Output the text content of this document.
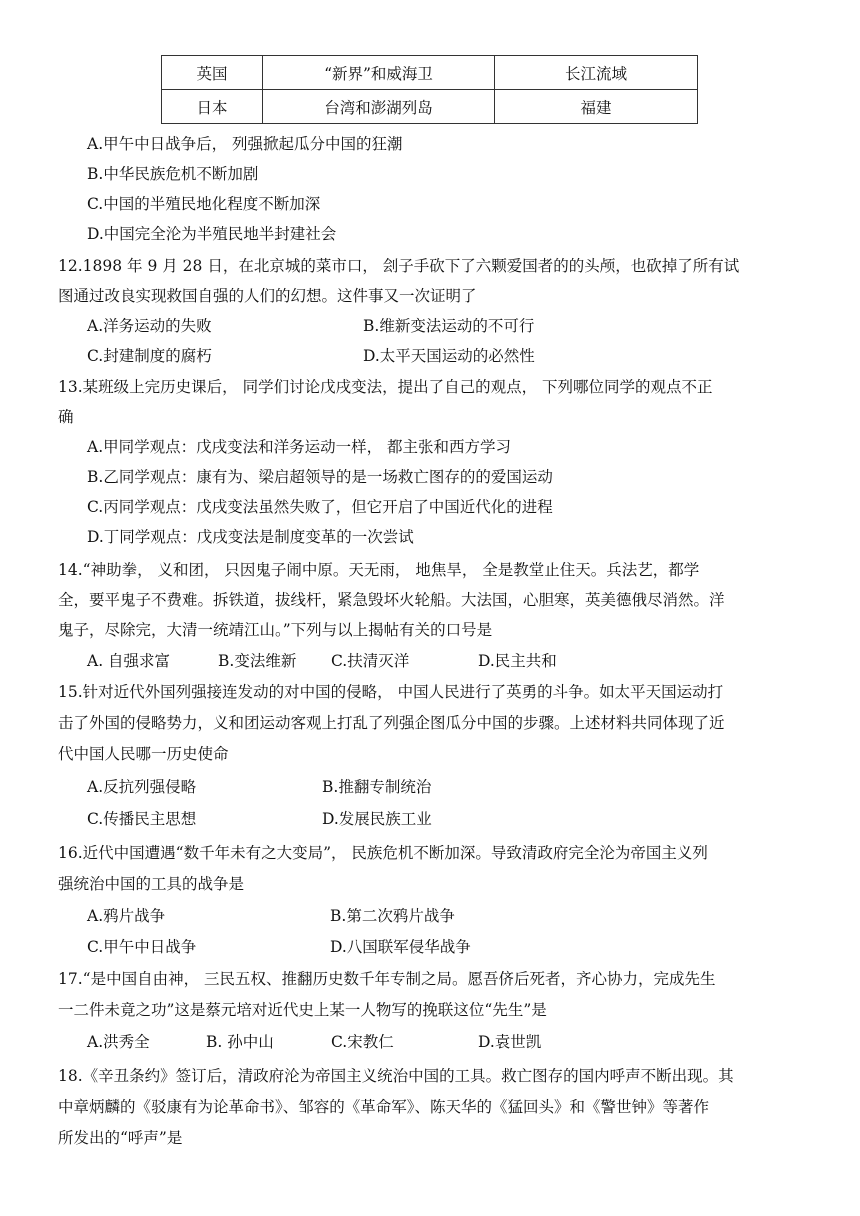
英国	“新界”和威海卫	长江流域
日本	台湾和澎湖列岛	福建
A.甲午中日战争后， 列强掀起瓜分中国的狂潮
B.中华民族危机不断加剧
C.中国的半殖民地化程度不断加深
D.中国完全沦为半殖民地半封建社会
12.1898 年 9 月 28 日，在北京城的菜市口， 刽子手砍下了六颗爱国者的的头颅，也砍掉了所有试
图通过改良实现救国自强的人们的幻想。这件事又一次证明了
A.洋务运动的失败	B.维新变法运动的不可行
C.封建制度的腐朽	D.太平天国运动的必然性
13.某班级上完历史课后， 同学们讨论戊戌变法，提出了自己的观点， 下列哪位同学的观点不正
确
A.甲同学观点：戊戌变法和洋务运动一样， 都主张和西方学习
B.乙同学观点：康有为、梁启超领导的是一场救亡图存的的爱国运动
C.丙同学观点：戊戌变法虽然失败了，但它开启了中国近代化的进程
D.丁同学观点：戊戌变法是制度变革的一次尝试
14.“神助拳， 义和团， 只因鬼子闹中原。天无雨， 地焦旱， 全是教堂止住天。兵法艺，都学
全，要平鬼子不费难。拆铁道，拔线杆，紧急毁坏火轮船。大法国，心胆寒，英美德俄尽消然。洋
鬼子，尽除完，大清一统靖江山。”下列与以上揭帖有关的口号是
A. 自强求富	B.变法维新 C.扶清灭洋	D.民主共和
15.针对近代外国列强接连发动的对中国的侵略， 中国人民进行了英勇的斗争。如太平天国运动打
击了外国的侵略势力，义和团运动客观上打乱了列强企图瓜分中国的步骤。上述材料共同体现了近
代中国人民哪一历史使命
A.反抗列强侵略	B.推翻专制统治
C.传播民主思想	D.发展民族工业
16.近代中国遭遇“数千年未有之大变局”， 民族危机不断加深。导致清政府完全沦为帝国主义列
强统治中国的工具的战争是
A.鸦片战争	B.第二次鸦片战争
C.甲午中日战争	D.八国联军侵华战争
17.“是中国自由神， 三民五权、推翻历史数千年专制之局。愿吾侪后死者，齐心协力，完成先生
一二件未竟之功”这是蔡元培对近代史上某一人物写的挽联这位“先生”是
A.洪秀全	B. 孙中山	C.宋教仁	D.袁世凯
18.《辛丑条约》签订后，清政府沦为帝国主义统治中国的工具。救亡图存的国内呼声不断出现。其
中章炳麟的《驳康有为论革命书》、邹容的《革命军》、陈天华的《猛回头》和《警世钟》等著作
所发出的“呼声”是
